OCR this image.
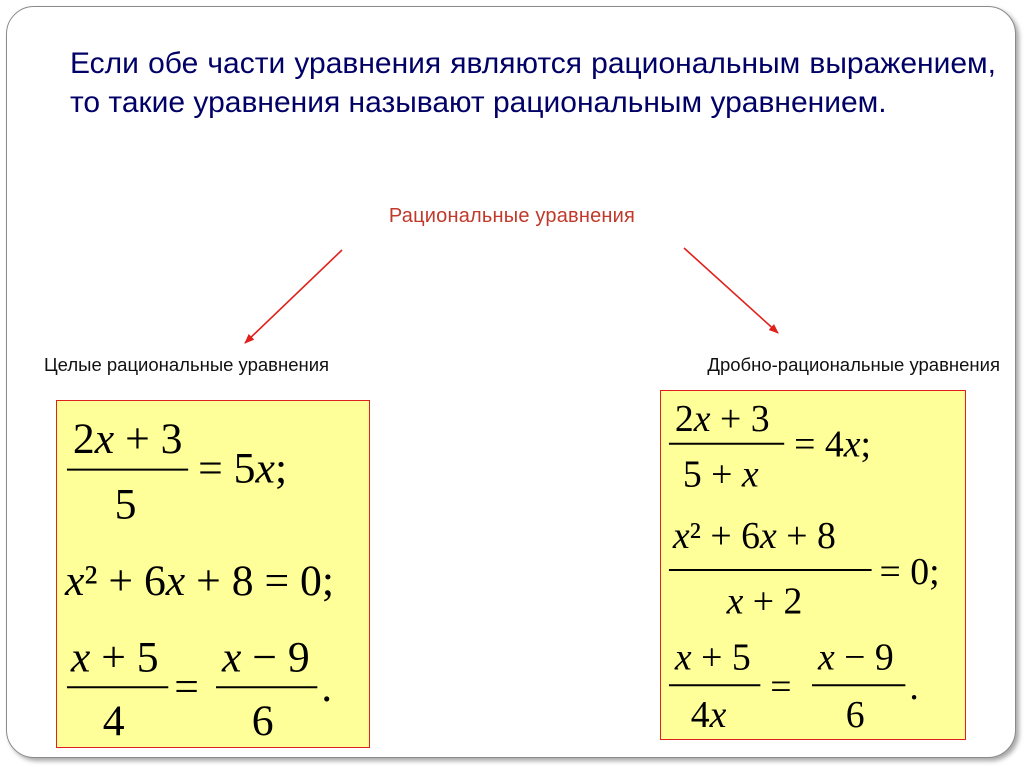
Если обе части уравнения являются рациональным выражением, то такие уравнения называют рациональным уравнением.

Рациональные уравнения
Целые рациональные уравнения	Дробно-рациональные уравнения
2x + 3
5
= 5x;
x² + 6x + 8 = 0;
x + 5
4
=
x − 9
6
.
2x + 3
5 + x
= 4x;
x² + 6x + 8
x + 2
= 0;
x + 5
4x
=
x − 9
6
.
